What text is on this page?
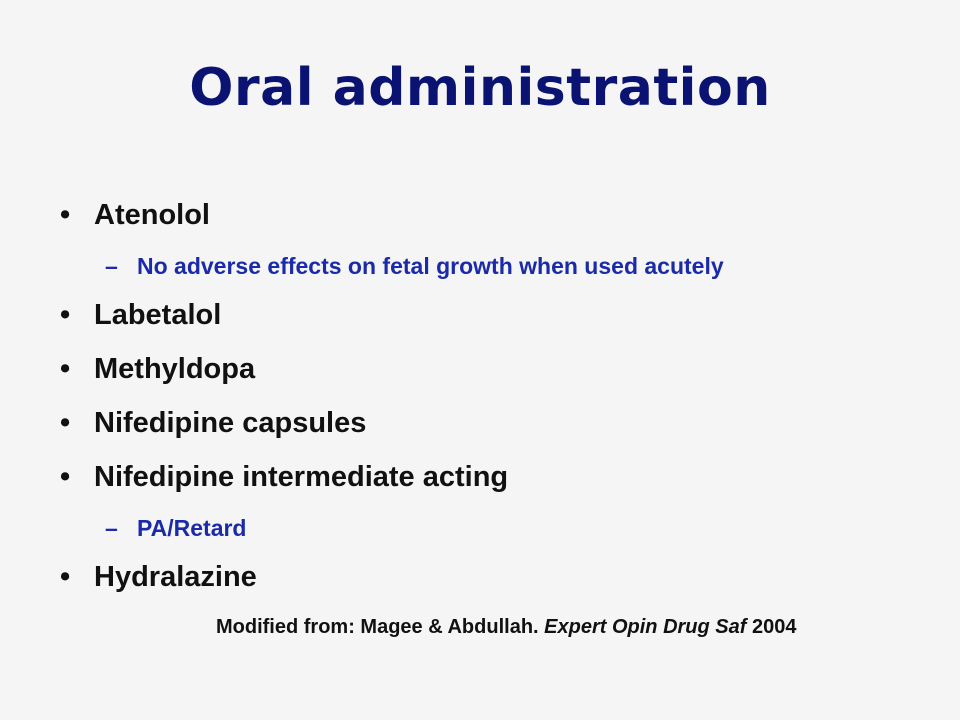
Oral administration
• Atenolol
– No adverse effects on fetal growth when used acutely
• Labetalol
• Methyldopa
• Nifedipine capsules
• Nifedipine intermediate acting
– PA/Retard
• Hydralazine
Modified from: Magee & Abdullah. Expert Opin Drug Saf 2004
